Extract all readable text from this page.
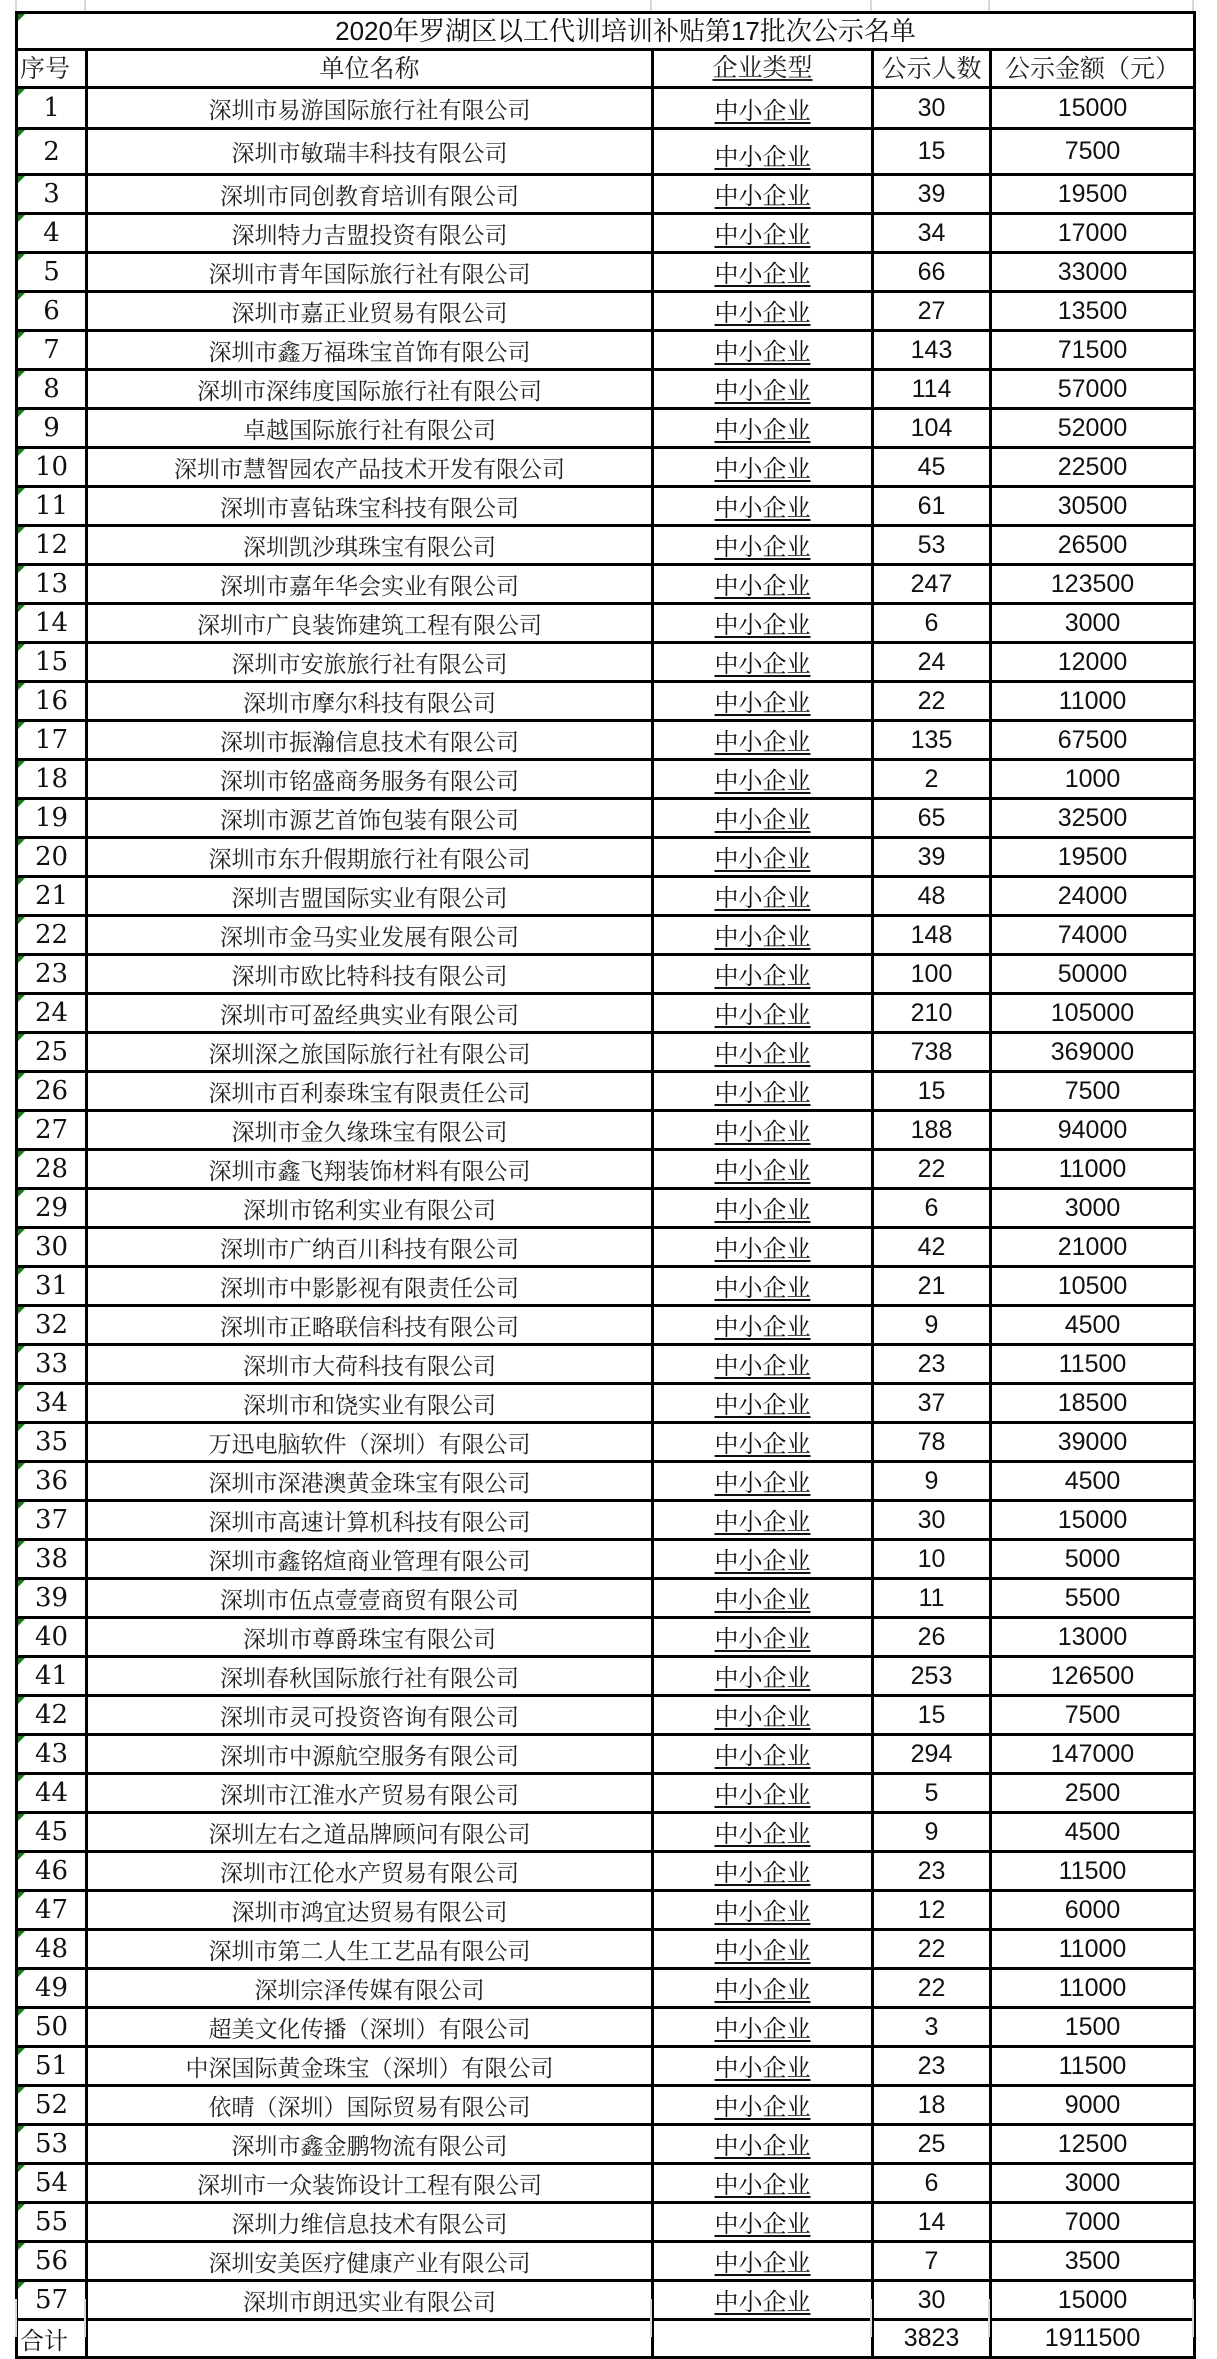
2020年罗湖区以工代训培训补贴第17批次公示名单				
序号	单位名称	企业类型	公示人数	公示金额（元）
1	深圳市易游国际旅行社有限公司	中小企业	30	15000
2	深圳市敏瑞丰科技有限公司	中小企业	15	7500
3	深圳市同创教育培训有限公司	中小企业	39	19500
4	深圳特力吉盟投资有限公司	中小企业	34	17000
5	深圳市青年国际旅行社有限公司	中小企业	66	33000
6	深圳市嘉正业贸易有限公司	中小企业	27	13500
7	深圳市鑫万福珠宝首饰有限公司	中小企业	143	71500
8	深圳市深纬度国际旅行社有限公司	中小企业	114	57000
9	卓越国际旅行社有限公司	中小企业	104	52000
10	深圳市慧智园农产品技术开发有限公司	中小企业	45	22500
11	深圳市喜钻珠宝科技有限公司	中小企业	61	30500
12	深圳凯沙琪珠宝有限公司	中小企业	53	26500
13	深圳市嘉年华会实业有限公司	中小企业	247	123500
14	深圳市广良装饰建筑工程有限公司	中小企业	6	3000
15	深圳市安旅旅行社有限公司	中小企业	24	12000
16	深圳市摩尔科技有限公司	中小企业	22	11000
17	深圳市振瀚信息技术有限公司	中小企业	135	67500
18	深圳市铭盛商务服务有限公司	中小企业	2	1000
19	深圳市源艺首饰包装有限公司	中小企业	65	32500
20	深圳市东升假期旅行社有限公司	中小企业	39	19500
21	深圳吉盟国际实业有限公司	中小企业	48	24000
22	深圳市金马实业发展有限公司	中小企业	148	74000
23	深圳市欧比特科技有限公司	中小企业	100	50000
24	深圳市可盈经典实业有限公司	中小企业	210	105000
25	深圳深之旅国际旅行社有限公司	中小企业	738	369000
26	深圳市百利泰珠宝有限责任公司	中小企业	15	7500
27	深圳市金久缘珠宝有限公司	中小企业	188	94000
28	深圳市鑫飞翔装饰材料有限公司	中小企业	22	11000
29	深圳市铭利实业有限公司	中小企业	6	3000
30	深圳市广纳百川科技有限公司	中小企业	42	21000
31	深圳市中影影视有限责任公司	中小企业	21	10500
32	深圳市正略联信科技有限公司	中小企业	9	4500
33	深圳市大荷科技有限公司	中小企业	23	11500
34	深圳市和饶实业有限公司	中小企业	37	18500
35	万迅电脑软件（深圳）有限公司	中小企业	78	39000
36	深圳市深港澳黄金珠宝有限公司	中小企业	9	4500
37	深圳市高速计算机科技有限公司	中小企业	30	15000
38	深圳市鑫铭煊商业管理有限公司	中小企业	10	5000
39	深圳市伍点壹壹商贸有限公司	中小企业	11	5500
40	深圳市尊爵珠宝有限公司	中小企业	26	13000
41	深圳春秋国际旅行社有限公司	中小企业	253	126500
42	深圳市灵可投资咨询有限公司	中小企业	15	7500
43	深圳市中源航空服务有限公司	中小企业	294	147000
44	深圳市江淮水产贸易有限公司	中小企业	5	2500
45	深圳左右之道品牌顾问有限公司	中小企业	9	4500
46	深圳市江伦水产贸易有限公司	中小企业	23	11500
47	深圳市鸿宜达贸易有限公司	中小企业	12	6000
48	深圳市第二人生工艺品有限公司	中小企业	22	11000
49	深圳宗泽传媒有限公司	中小企业	22	11000
50	超美文化传播（深圳）有限公司	中小企业	3	1500
51	中深国际黄金珠宝（深圳）有限公司	中小企业	23	11500
52	依晴（深圳）国际贸易有限公司	中小企业	18	9000
53	深圳市鑫金鹏物流有限公司	中小企业	25	12500
54	深圳市一众装饰设计工程有限公司	中小企业	6	3000
55	深圳力维信息技术有限公司	中小企业	14	7000
56	深圳安美医疗健康产业有限公司	中小企业	7	3500
57	深圳市朗迅实业有限公司	中小企业	30	15000
合计			3823	1911500
